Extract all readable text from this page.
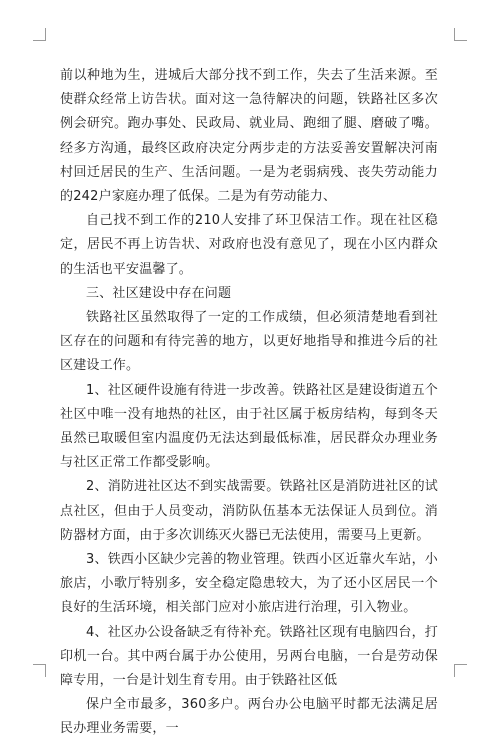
前以种地为生，进城后大部分找不到工作，失去了生活来源。至使群众经常上访告状。面对这一急待解决的问题，铁路社区多次例会研究。跑办事处、民政局、就业局、跑细了腿、磨破了嘴。经多方沟通，最终区政府决定分两步走的方法妥善安置解决河南村回迁居民的生产、生活问题。一是为老弱病残、丧失劳动能力的242户家庭办理了低保。二是为有劳动能力、

自己找不到工作的210人安排了环卫保洁工作。现在社区稳定，居民不再上访告状、对政府也没有意见了，现在小区内群众的生活也平安温馨了。

三、社区建设中存在问题

铁路社区虽然取得了一定的工作成绩，但必须清楚地看到社区存在的问题和有待完善的地方，以更好地指导和推进今后的社区建设工作。

1、社区硬件设施有待进一步改善。铁路社区是建设街道五个社区中唯一没有地热的社区，由于社区属于板房结构，每到冬天虽然已取暖但室内温度仍无法达到最低标准，居民群众办理业务与社区正常工作都受影响。

2、消防进社区达不到实战需要。铁路社区是消防进社区的试点社区，但由于人员变动，消防队伍基本无法保证人员到位。消防器材方面，由于多次训练灭火器已无法使用，需要马上更新。

3、铁西小区缺少完善的物业管理。铁西小区近靠火车站，小旅店，小歌厅特别多，安全稳定隐患较大，为了还小区居民一个良好的生活环境，相关部门应对小旅店进行治理，引入物业。

4、社区办公设备缺乏有待补充。铁路社区现有电脑四台，打印机一台。其中两台属于办公使用，另两台电脑，一台是劳动保障专用，一台是计划生育专用。由于铁路社区低

保户全市最多，360多户。两台办公电脑平时都无法满足居民办理业务需要，一
